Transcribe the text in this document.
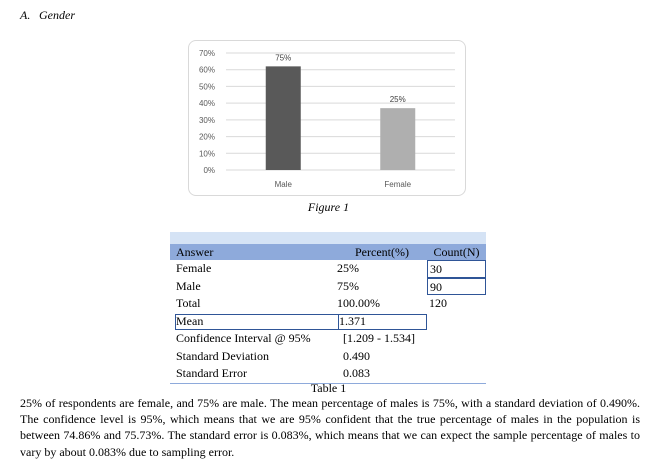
A. Gender
70%
60%
50%
40%
30%
20%
10%
0%
75%
Male
25%
Female
Figure 1
Answer	Percent(%)	Count(N)
Female	25%	30
Male	75%	90
Total	100.00%	120
Mean	1.371
Confidence Interval @ 95%	[1.209 - 1.534]
Standard Deviation	0.490
Standard Error	0.083
Table 1

25% of respondents are female, and 75% are male. The mean percentage of males is 75%, with a standard deviation of 0.490%. The confidence level is 95%, which means that we are 95% confident that the true percentage of males in the population is between 74.86% and 75.73%. The standard error is 0.083%, which means that we can expect the sample percentage of males to vary by about 0.083% due to sampling error.
